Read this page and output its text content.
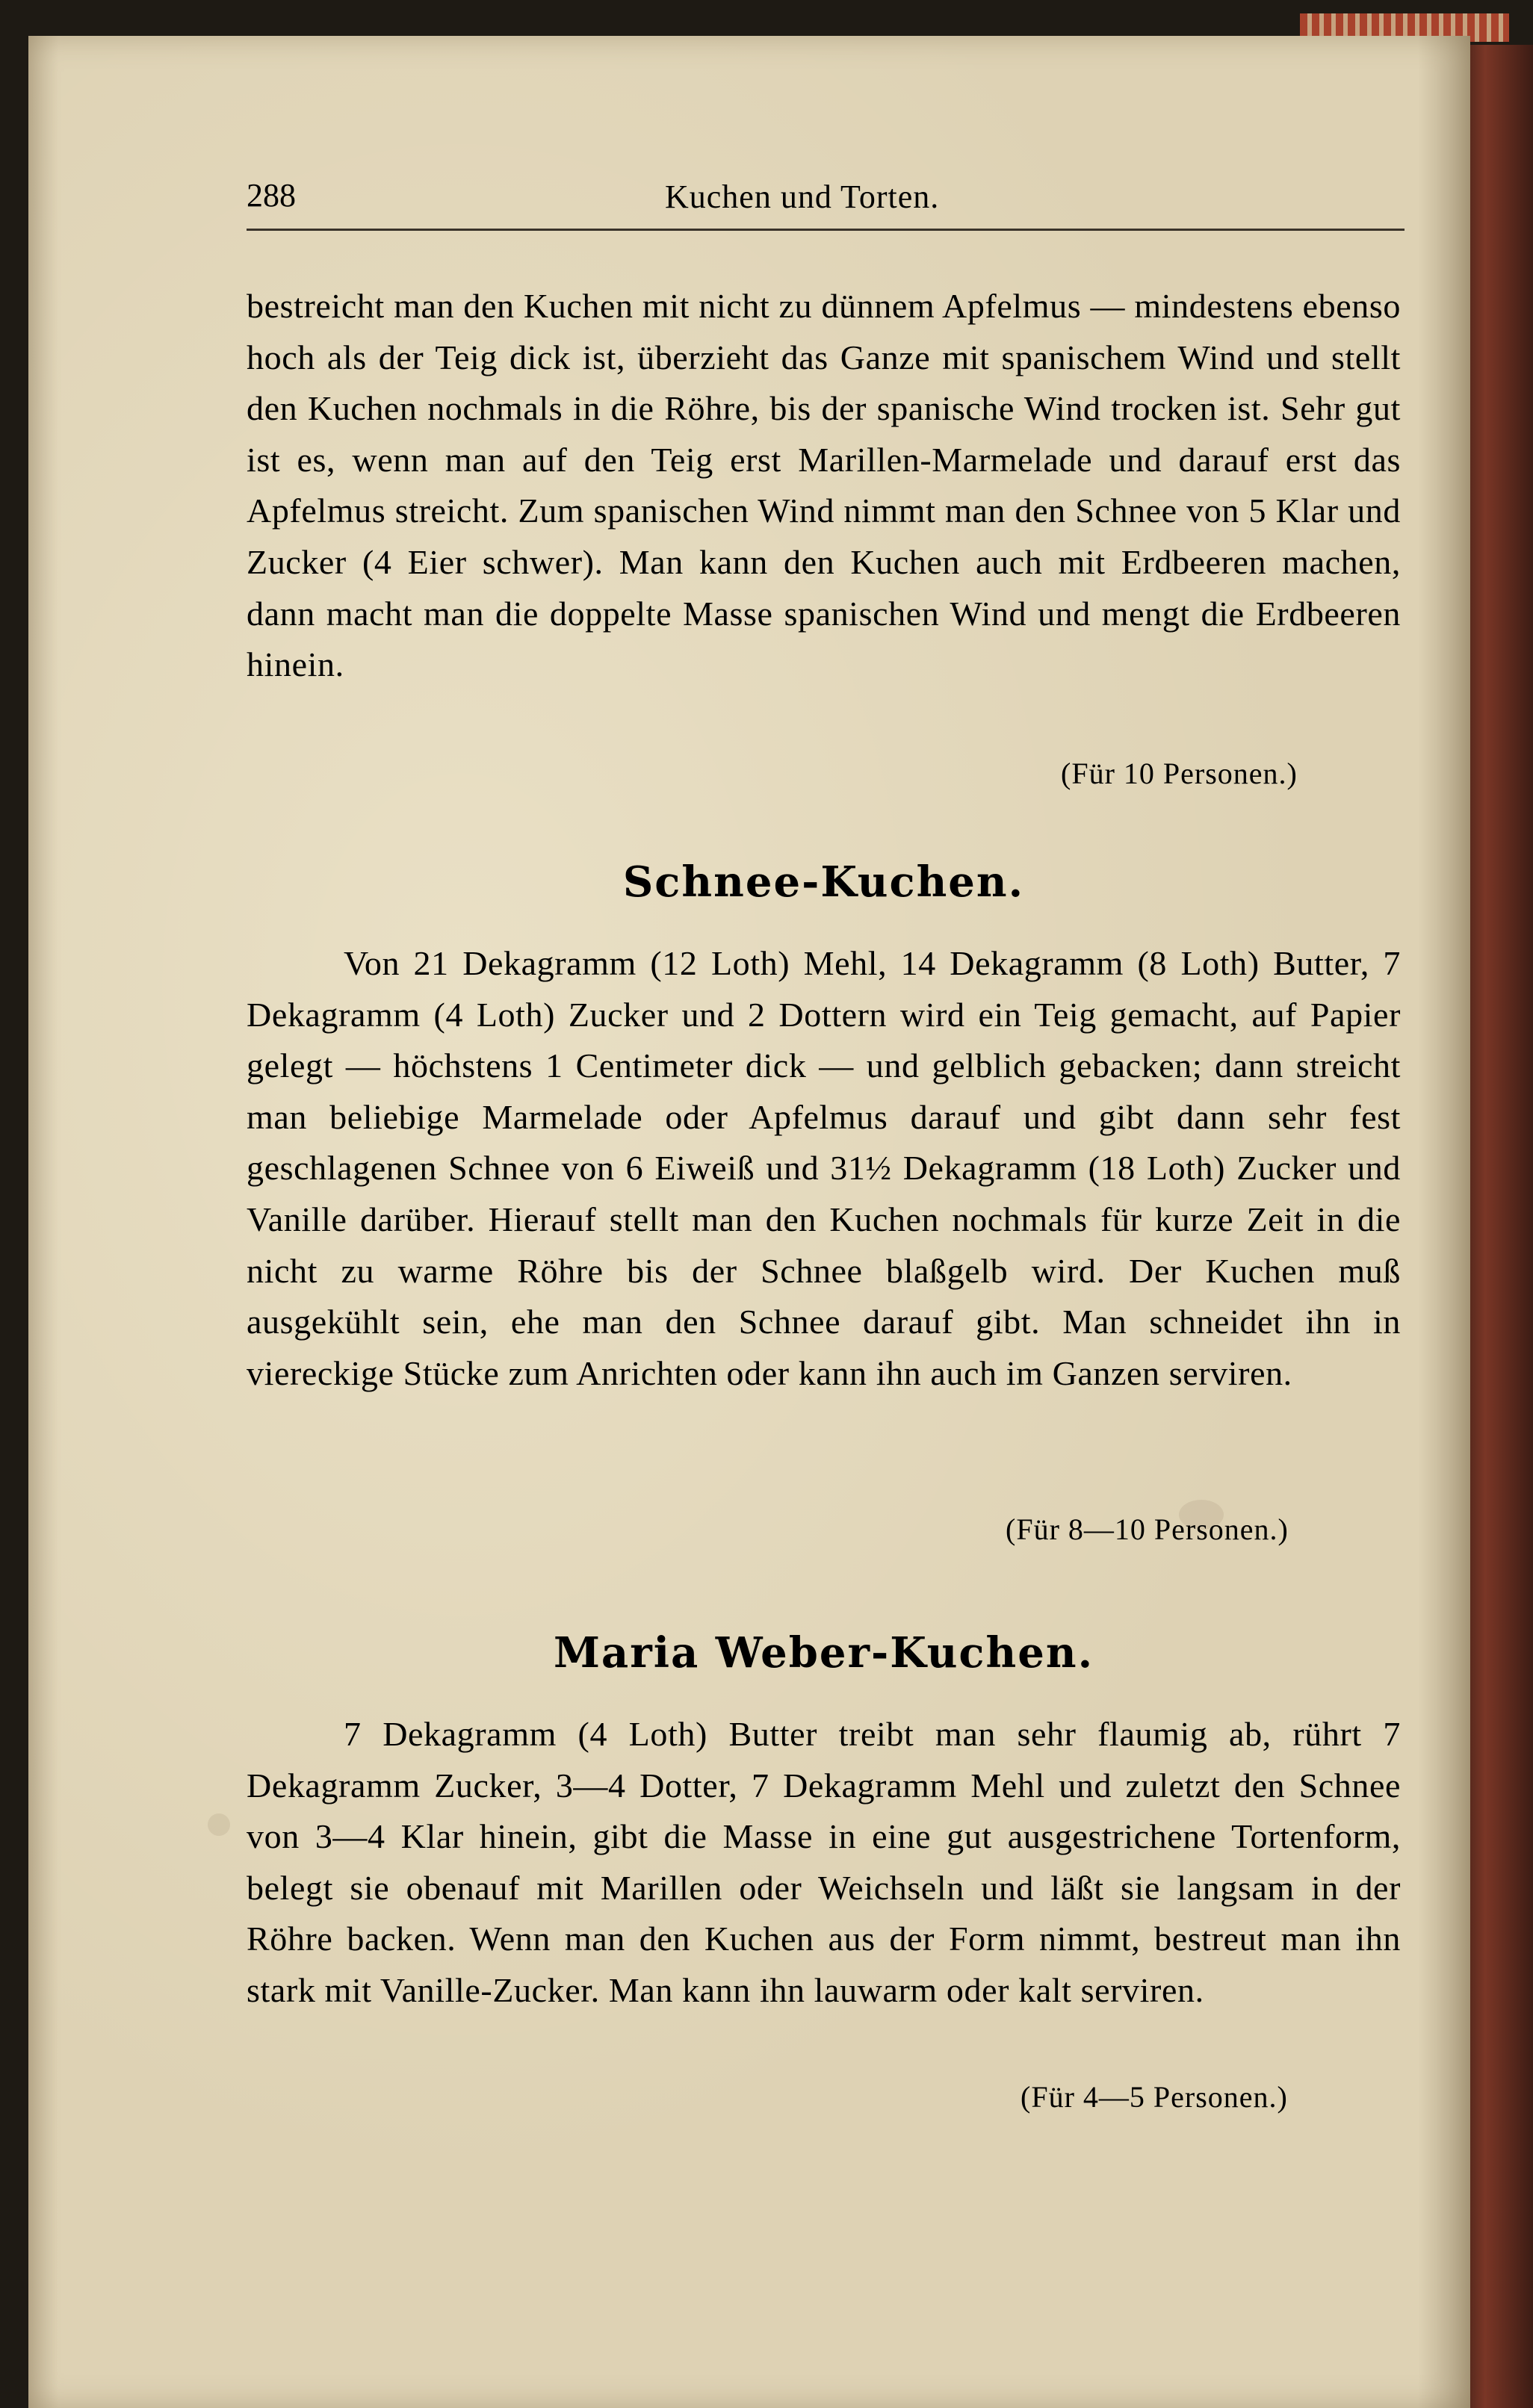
288	Kuchen und Torten.
bestreicht man den Kuchen mit nicht zu dünnem Apfelmus — mindestens ebenso hoch als der Teig dick ist, überzieht das Ganze mit spanischem Wind und stellt den Kuchen nochmals in die Röhre, bis der spanische Wind trocken ist. Sehr gut ist es, wenn man auf den Teig erst Marillen-Marmelade und darauf erst das Apfelmus streicht. Zum spanischen Wind nimmt man den Schnee von 5 Klar und Zucker (4 Eier schwer). Man kann den Kuchen auch mit Erdbeeren machen, dann macht man die doppelte Masse spanischen Wind und mengt die Erdbeeren hinein.
(Für 10 Personen.)
Schnee-Kuchen.
Von 21 Dekagramm (12 Loth) Mehl, 14 Dekagramm (8 Loth) Butter, 7 Dekagramm (4 Loth) Zucker und 2 Dottern wird ein Teig gemacht, auf Papier gelegt — höchstens 1 Centimeter dick — und gelblich gebacken; dann streicht man beliebige Marmelade oder Apfelmus darauf und gibt dann sehr fest geschlagenen Schnee von 6 Eiweiß und 31½ Dekagramm (18 Loth) Zucker und Vanille darüber. Hierauf stellt man den Kuchen nochmals für kurze Zeit in die nicht zu warme Röhre bis der Schnee blaßgelb wird. Der Kuchen muß ausgekühlt sein, ehe man den Schnee darauf gibt. Man schneidet ihn in viereckige Stücke zum Anrichten oder kann ihn auch im Ganzen serviren.
(Für 8—10 Personen.)
Maria Weber-Kuchen.
7 Dekagramm (4 Loth) Butter treibt man sehr flaumig ab, rührt 7 Dekagramm Zucker, 3—4 Dotter, 7 Dekagramm Mehl und zuletzt den Schnee von 3—4 Klar hinein, gibt die Masse in eine gut ausgestrichene Tortenform, belegt sie obenauf mit Marillen oder Weichseln und läßt sie langsam in der Röhre backen. Wenn man den Kuchen aus der Form nimmt, bestreut man ihn stark mit Vanille-Zucker. Man kann ihn lauwarm oder kalt serviren.
(Für 4—5 Personen.)
